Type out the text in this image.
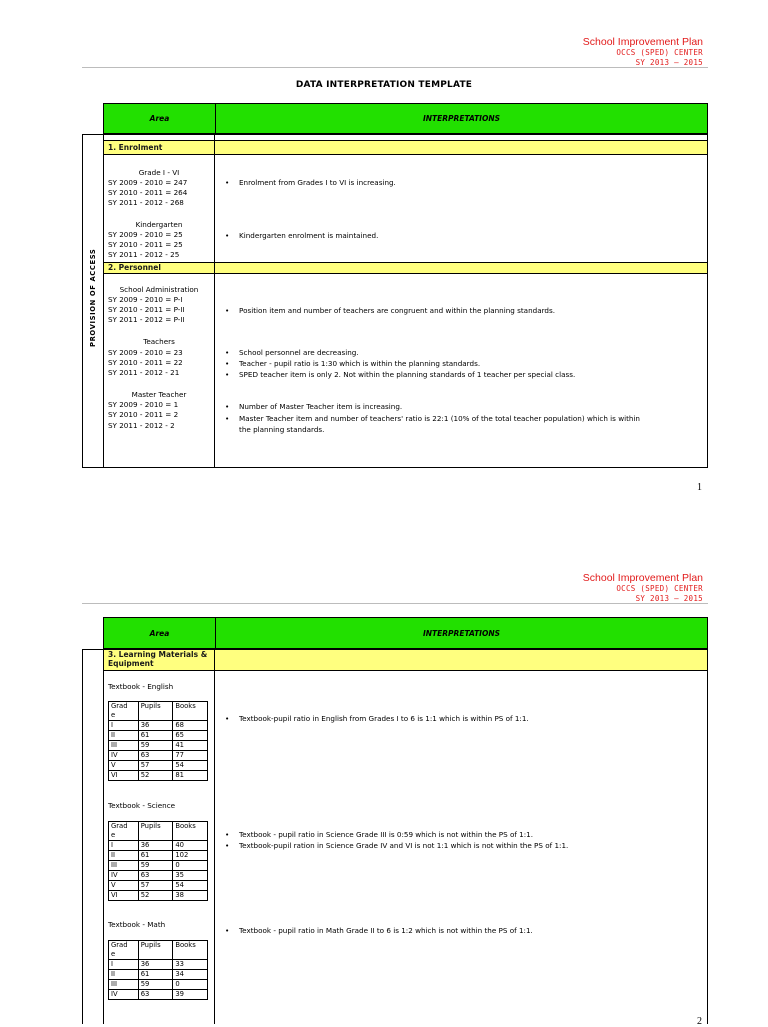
School Improvement Plan
OCCS (SPED) CENTER
SY 2013 – 2015
DATA INTERPRETATION TEMPLATE
Area	INTERPRETATIONS
PROVISION OF ACCESS
1. Enrolment
Grade I - VI
SY 2009 - 2010 = 247
SY 2010 - 2011 = 264
SY 2011 - 2012 - 268
• Enrolment from Grades I to VI is increasing.
Kindergarten
SY 2009 - 2010 = 25
SY 2010 - 2011 = 25
SY 2011 - 2012 - 25
• Kindergarten enrolment is maintained.
2. Personnel
School Administration
SY 2009 - 2010 = P-I
SY 2010 - 2011 = P-II
SY 2011 - 2012 = P-II
• Position item and number of teachers are congruent and within the planning standards.
Teachers
SY 2009 - 2010 = 23
SY 2010 - 2011 = 22
SY 2011 - 2012 - 21
• School personnel are decreasing.
• Teacher - pupil ratio is 1:30 which is within the planning standards.
• SPED teacher item is only 2. Not within the planning standards of 1 teacher per special class.
Master Teacher
SY 2009 - 2010 = 1
SY 2010 - 2011 = 2
SY 2011 - 2012 - 2
• Number of Master Teacher item is increasing.
• Master Teacher item and number of teachers' ratio is 22:1 (10% of the total teacher population) which is within
the planning standards.
1
School Improvement Plan
OCCS (SPED) CENTER
SY 2013 – 2015
Area	INTERPRETATIONS
3. Learning Materials &
Equipment
Textbook - English
Grad
e	Pupils	Books
I	36	68
II	61	65
III	59	41
IV	63	77
V	57	54
VI	52	81
• Textbook-pupil ratio in English from Grades I to 6 is 1:1 which is within PS of 1:1.
Textbook - Science
Grad
e	Pupils	Books
I	36	40
II	61	102
III	59	0
IV	63	35
V	57	54
VI	52	38
• Textbook - pupil ratio in Science Grade III is 0:59 which is not within the PS of 1:1.
• Textbook-pupil ration in Science Grade IV and VI is not 1:1 which is not within the PS of 1:1.
Textbook - Math
Grad
e	Pupils	Books
I	36	33
II	61	34
III	59	0
IV	63	39
• Textbook - pupil ratio in Math Grade II to 6 is 1:2 which is not within the PS of 1:1.
2
